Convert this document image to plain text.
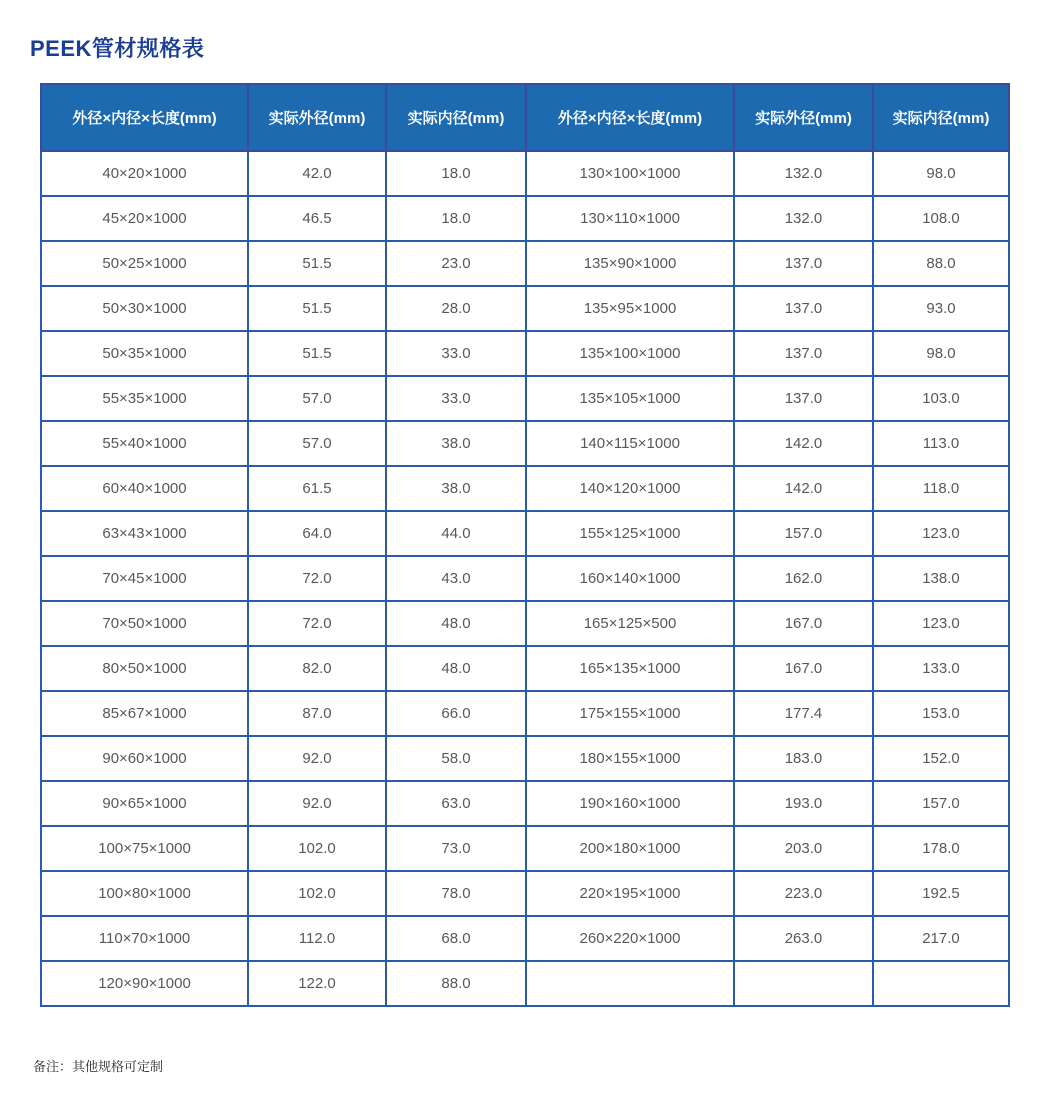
PEEK管材规格表
外径×内径×长度(mm)	实际外径(mm)	实际内径(mm)	外径×内径×长度(mm)	实际外径(mm)	实际内径(mm)
40×20×1000	42.0	18.0	130×100×1000	132.0	98.0
45×20×1000	46.5	18.0	130×110×1000	132.0	108.0
50×25×1000	51.5	23.0	135×90×1000	137.0	88.0
50×30×1000	51.5	28.0	135×95×1000	137.0	93.0
50×35×1000	51.5	33.0	135×100×1000	137.0	98.0
55×35×1000	57.0	33.0	135×105×1000	137.0	103.0
55×40×1000	57.0	38.0	140×115×1000	142.0	113.0
60×40×1000	61.5	38.0	140×120×1000	142.0	118.0
63×43×1000	64.0	44.0	155×125×1000	157.0	123.0
70×45×1000	72.0	43.0	160×140×1000	162.0	138.0
70×50×1000	72.0	48.0	165×125×500	167.0	123.0
80×50×1000	82.0	48.0	165×135×1000	167.0	133.0
85×67×1000	87.0	66.0	175×155×1000	177.4	153.0
90×60×1000	92.0	58.0	180×155×1000	183.0	152.0
90×65×1000	92.0	63.0	190×160×1000	193.0	157.0
100×75×1000	102.0	73.0	200×180×1000	203.0	178.0
100×80×1000	102.0	78.0	220×195×1000	223.0	192.5
110×70×1000	112.0	68.0	260×220×1000	263.0	217.0
120×90×1000	122.0	88.0			
备注：其他规格可定制
